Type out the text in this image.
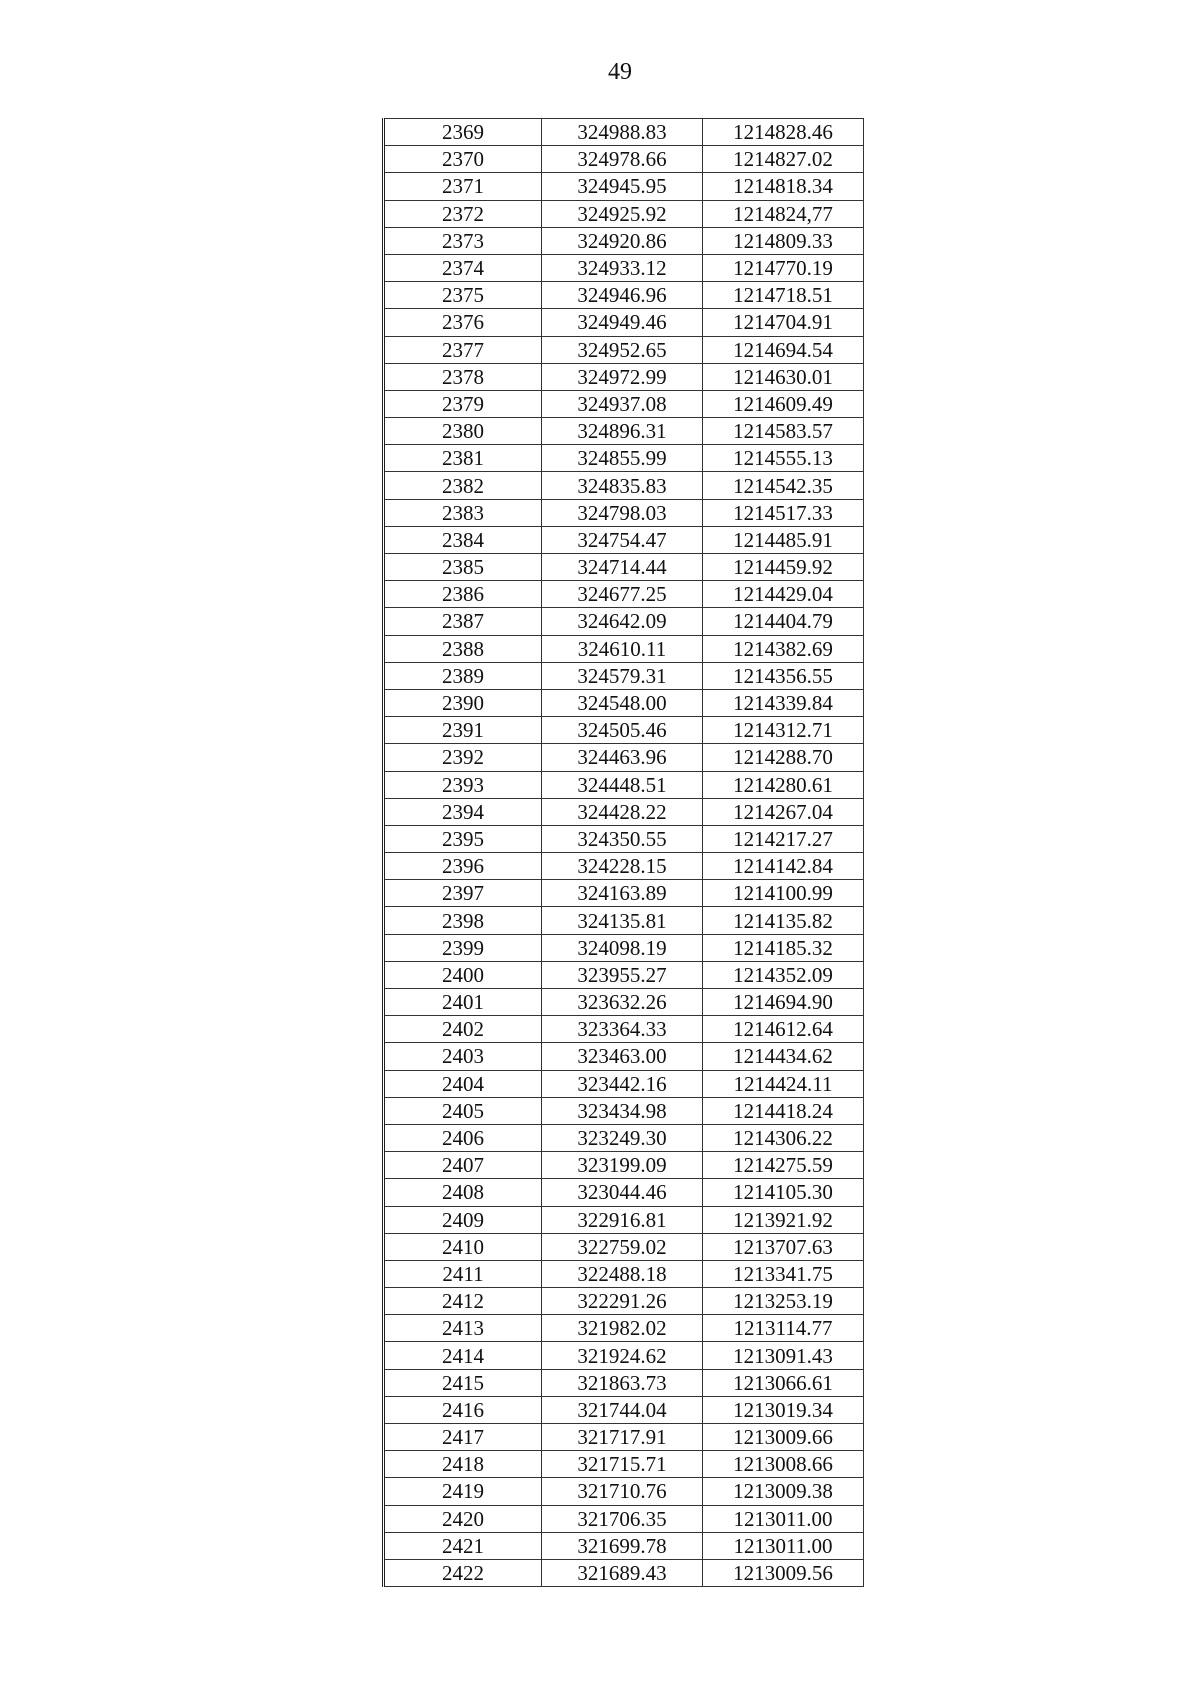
49
2369	324988.83	1214828.46
2370	324978.66	1214827.02
2371	324945.95	1214818.34
2372	324925.92	1214824,77
2373	324920.86	1214809.33
2374	324933.12	1214770.19
2375	324946.96	1214718.51
2376	324949.46	1214704.91
2377	324952.65	1214694.54
2378	324972.99	1214630.01
2379	324937.08	1214609.49
2380	324896.31	1214583.57
2381	324855.99	1214555.13
2382	324835.83	1214542.35
2383	324798.03	1214517.33
2384	324754.47	1214485.91
2385	324714.44	1214459.92
2386	324677.25	1214429.04
2387	324642.09	1214404.79
2388	324610.11	1214382.69
2389	324579.31	1214356.55
2390	324548.00	1214339.84
2391	324505.46	1214312.71
2392	324463.96	1214288.70
2393	324448.51	1214280.61
2394	324428.22	1214267.04
2395	324350.55	1214217.27
2396	324228.15	1214142.84
2397	324163.89	1214100.99
2398	324135.81	1214135.82
2399	324098.19	1214185.32
2400	323955.27	1214352.09
2401	323632.26	1214694.90
2402	323364.33	1214612.64
2403	323463.00	1214434.62
2404	323442.16	1214424.11
2405	323434.98	1214418.24
2406	323249.30	1214306.22
2407	323199.09	1214275.59
2408	323044.46	1214105.30
2409	322916.81	1213921.92
2410	322759.02	1213707.63
2411	322488.18	1213341.75
2412	322291.26	1213253.19
2413	321982.02	1213114.77
2414	321924.62	1213091.43
2415	321863.73	1213066.61
2416	321744.04	1213019.34
2417	321717.91	1213009.66
2418	321715.71	1213008.66
2419	321710.76	1213009.38
2420	321706.35	1213011.00
2421	321699.78	1213011.00
2422	321689.43	1213009.56
